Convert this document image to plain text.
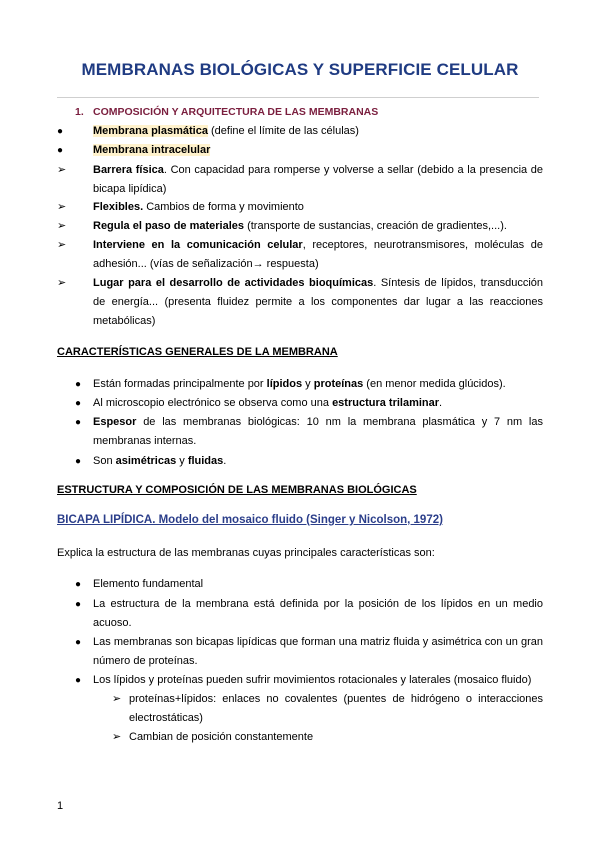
MEMBRANAS BIOLÓGICAS Y SUPERFICIE CELULAR
1. COMPOSICIÓN Y ARQUITECTURA DE LAS MEMBRANAS
●	Membrana plasmática (define el límite de las células)
●	Membrana intracelular
➢	Barrera física. Con capacidad para romperse y volverse a sellar (debido a la presencia de bicapa lipídica)
➢	Flexibles. Cambios de forma y movimiento
➢	Regula el paso de materiales (transporte de sustancias, creación de gradientes,...).
➢	Interviene en la comunicación celular, receptores, neurotransmisores, moléculas de adhesión... (vías de señalización→ respuesta)
➢	Lugar para el desarrollo de actividades bioquímicas. Síntesis de lípidos, transducción de energía... (presenta fluidez permite a los componentes dar lugar a las reacciones metabólicas)
CARACTERÍSTICAS GENERALES DE LA MEMBRANA
●	Están formadas principalmente por lípidos y proteínas (en menor medida glúcidos).
●	Al microscopio electrónico se observa como una estructura trilaminar.
●	Espesor de las membranas biológicas: 10 nm la membrana plasmática y 7 nm las membranas internas.
●	Son asimétricas y fluidas.
ESTRUCTURA Y COMPOSICIÓN DE LAS MEMBRANAS BIOLÓGICAS
BICAPA LIPÍDICA. Modelo del mosaico fluido (Singer y Nicolson, 1972)
Explica la estructura de las membranas cuyas principales características son:
●	Elemento fundamental
●	La estructura de la membrana está definida por la posición de los lípidos en un medio acuoso.
●	Las membranas son bicapas lipídicas que forman una matriz fluida y asimétrica con un gran número de proteínas.
●	Los lípidos y proteínas pueden sufrir movimientos rotacionales y laterales (mosaico fluido)
➢ proteínas+lípidos: enlaces no covalentes (puentes de hidrógeno o interacciones electrostáticas)
➢ Cambian de posición constantemente
1
